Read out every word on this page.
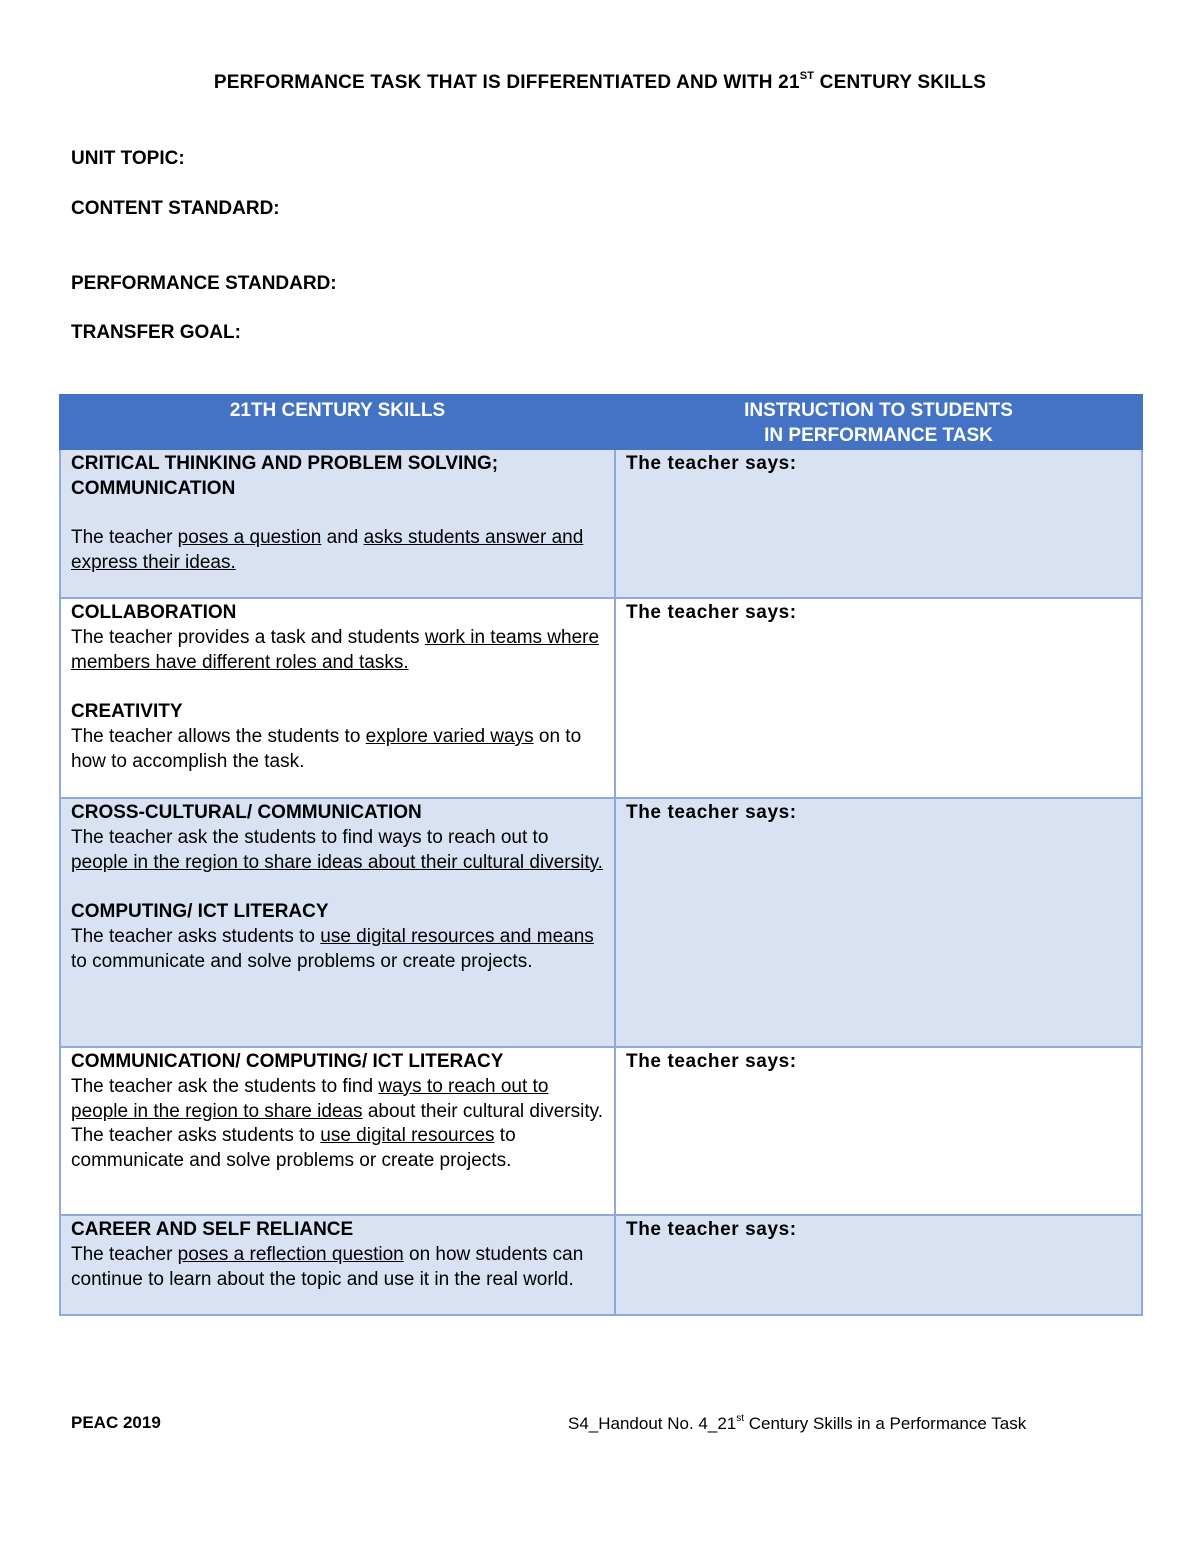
PERFORMANCE TASK THAT IS DIFFERENTIATED AND WITH 21ST CENTURY SKILLS
UNIT TOPIC:
CONTENT STANDARD:
PERFORMANCE STANDARD:
TRANSFER GOAL:
21TH CENTURY SKILLS	INSTRUCTION TO STUDENTS
IN PERFORMANCE TASK

CRITICAL THINKING AND PROBLEM SOLVING;
COMMUNICATION
The teacher poses a question and asks students answer and express their ideas.	The teacher says:

COLLABORATION
The teacher provides a task and students work in teams where members have different roles and tasks.
CREATIVITY
The teacher allows the students to explore varied ways on to how to accomplish the task.	The teacher says:

CROSS-CULTURAL/ COMMUNICATION
The teacher ask the students to find ways to reach out to people in the region to share ideas about their cultural diversity.
COMPUTING/ ICT LITERACY
The teacher asks students to use digital resources and means to communicate and solve problems or create projects.	The teacher says:

COMMUNICATION/ COMPUTING/ ICT LITERACY
The teacher ask the students to find ways to reach out to people in the region to share ideas about their cultural diversity.
The teacher asks students to use digital resources to communicate and solve problems or create projects.	The teacher says:

CAREER AND SELF RELIANCE
The teacher poses a reflection question on how students can continue to learn about the topic and use it in the real world.	The teacher says:
PEAC 2019	S4_Handout No. 4_21st Century Skills in a Performance Task
